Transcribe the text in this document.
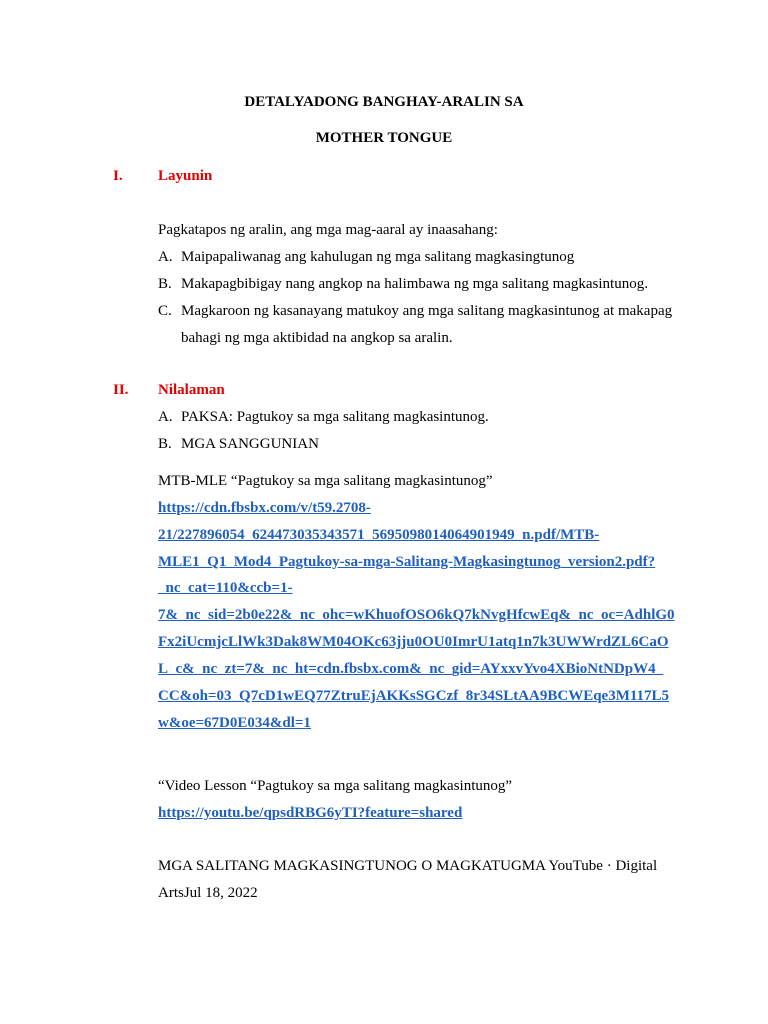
DETALYADONG BANGHAY-ARALIN SA
MOTHER TONGUE
I. Layunin
Pagkatapos ng aralin, ang mga mag-aaral ay inaasahang:
A. Maipapaliwanag ang kahulugan ng mga salitang magkasingtunog
B. Makapagbibigay nang angkop na halimbawa ng mga salitang magkasintunog.
C. Magkaroon ng kasanayang matukoy ang mga salitang magkasintunog at makapag
bahagi ng mga aktibidad na angkop sa aralin.
II. Nilalaman
A. PAKSA: Pagtukoy sa mga salitang magkasintunog.
B. MGA SANGGUNIAN
MTB-MLE “Pagtukoy sa mga salitang magkasintunog”
https://cdn.fbsbx.com/v/t59.2708-
21/227896054_624473035343571_5695098014064901949_n.pdf/MTB-
MLE1_Q1_Mod4_Pagtukoy-sa-mga-Salitang-Magkasingtunog_version2.pdf?
_nc_cat=110&ccb=1-
7&_nc_sid=2b0e22&_nc_ohc=wKhuofOSO6kQ7kNvgHfcwEq&_nc_oc=AdhlG0
Fx2iUcmjcLlWk3Dak8WM04OKc63jju0OU0ImrU1atq1n7k3UWWrdZL6CaO
L_c&_nc_zt=7&_nc_ht=cdn.fbsbx.com&_nc_gid=AYxxvYvo4XBioNtNDpW4_
CC&oh=03_Q7cD1wEQ77ZtruEjAKKsSGCzf_8r34SLtAA9BCWEqe3M117L5
w&oe=67D0E034&dl=1
“Video Lesson “Pagtukoy sa mga salitang magkasintunog”
https://youtu.be/qpsdRBG6yTI?feature=shared
MGA SALITANG MAGKASINGTUNOG O MAGKATUGMA YouTube · Digital
ArtsJul 18, 2022
